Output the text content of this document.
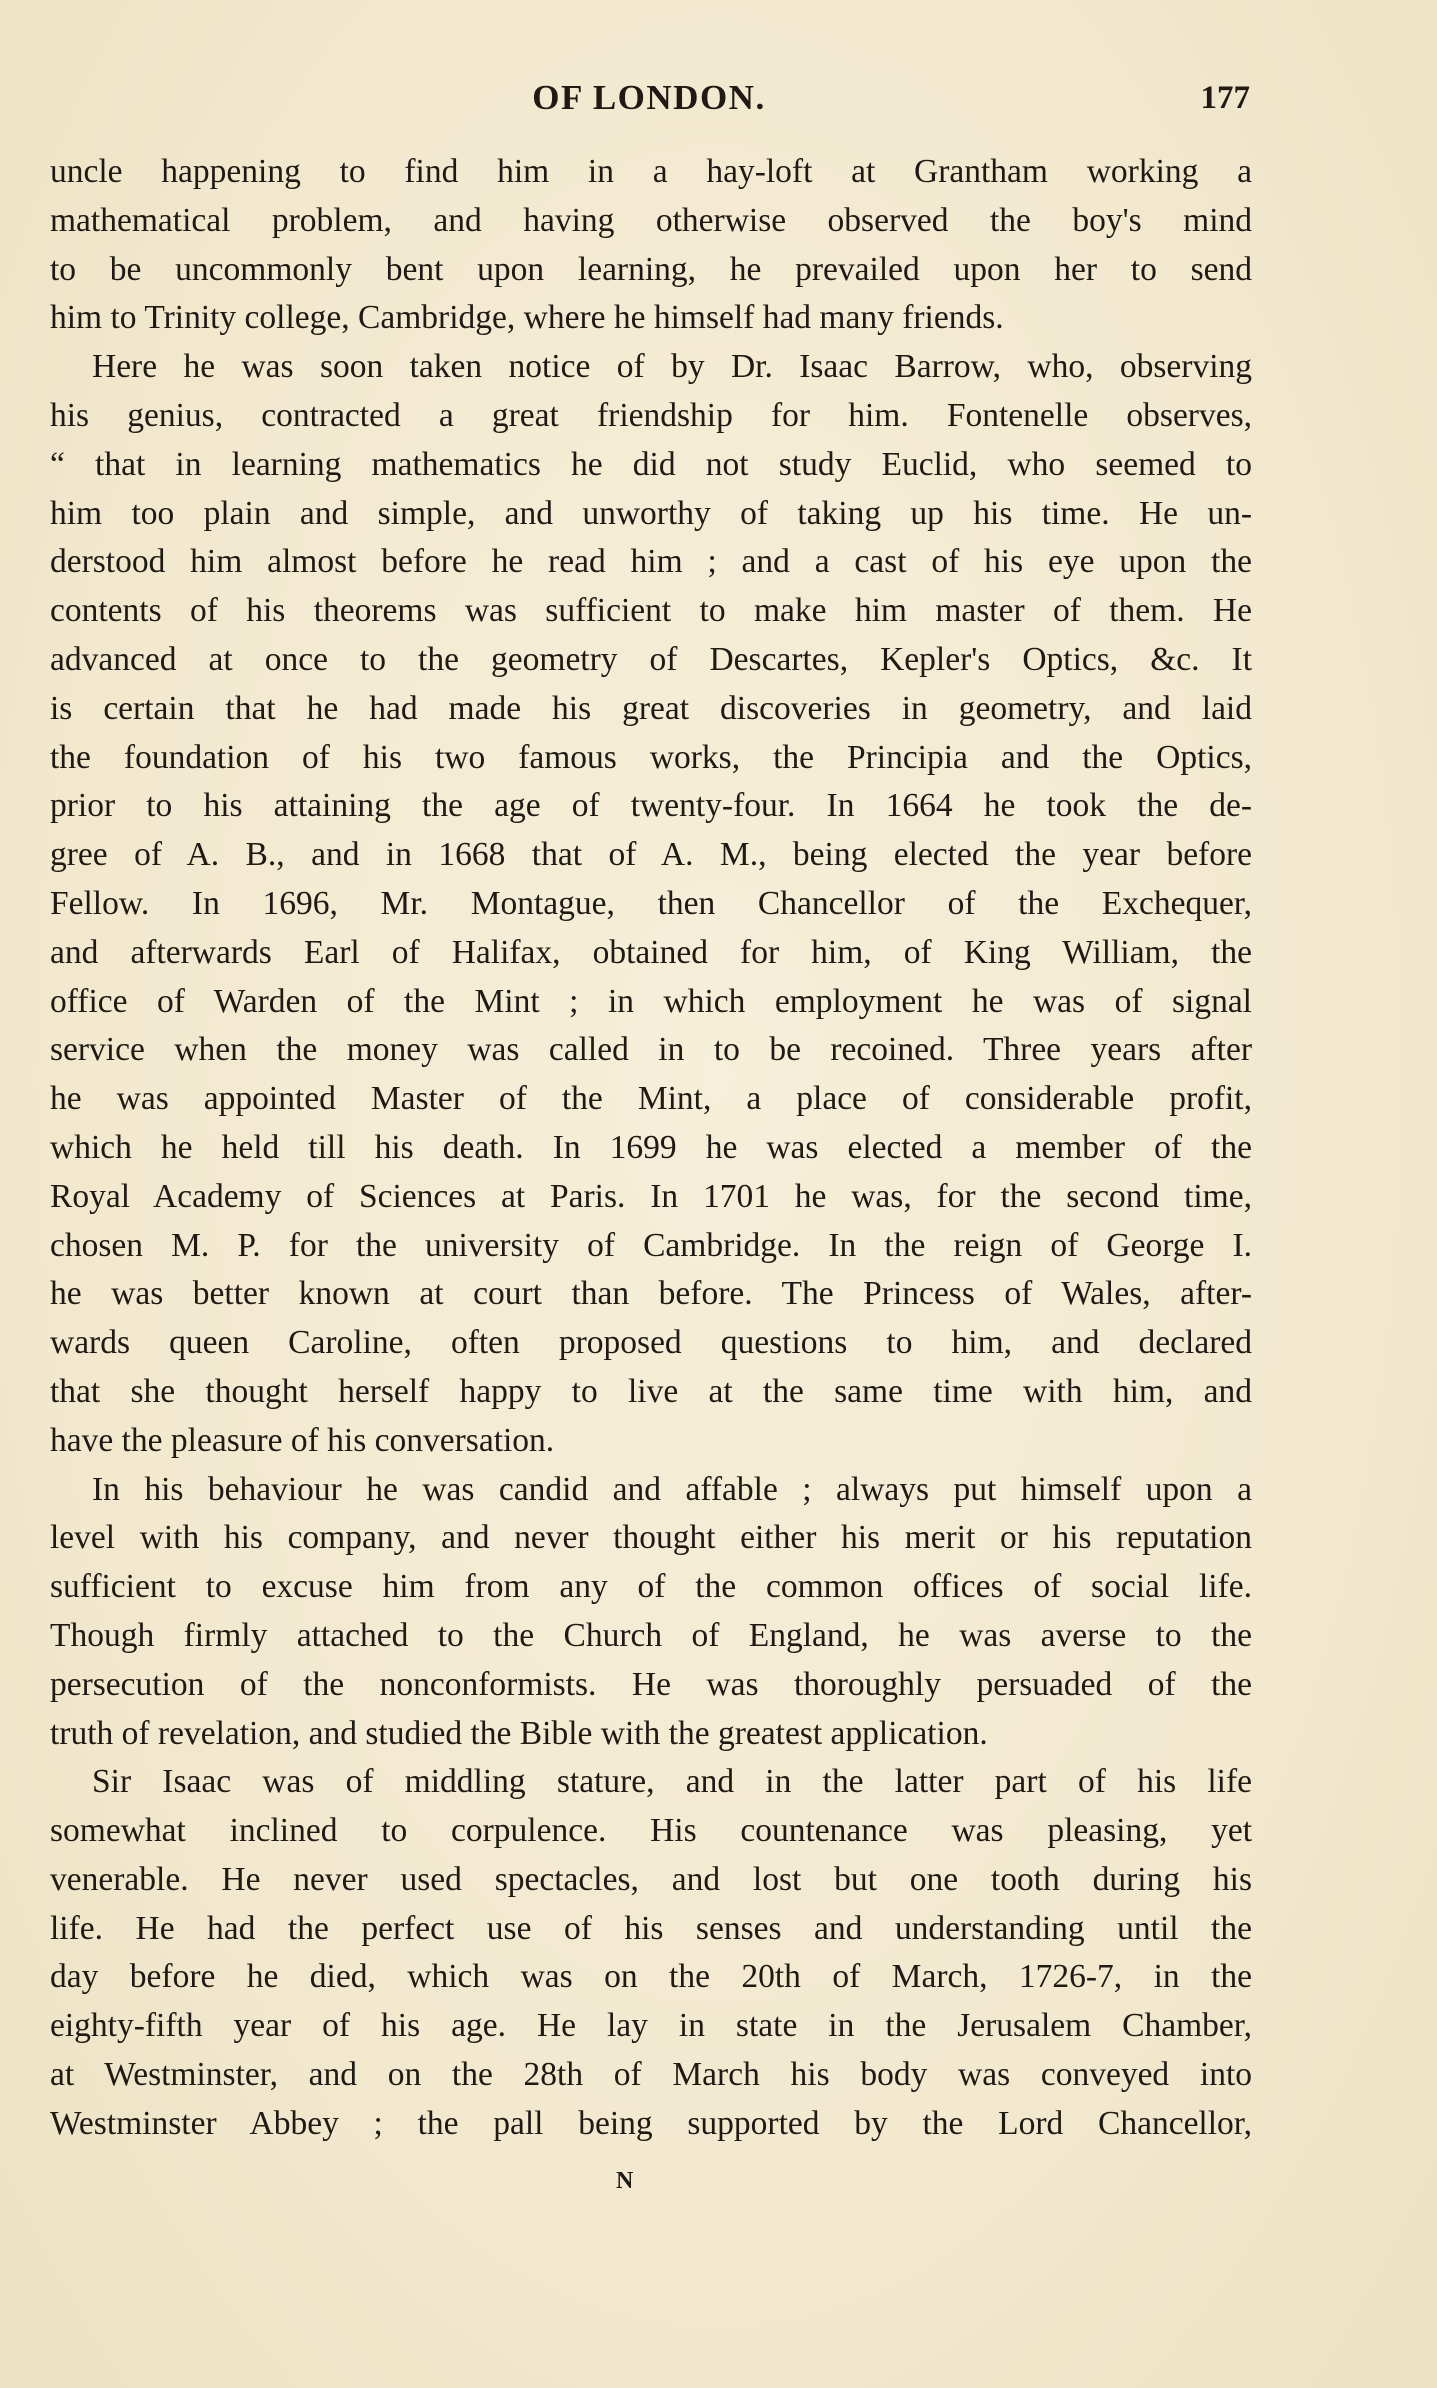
OF LONDON.	177
uncle happening to find him in a hay-loft at Grantham working a
mathematical problem, and having otherwise observed the boy's mind
to be uncommonly bent upon learning, he prevailed upon her to send
him to Trinity college, Cambridge, where he himself had many friends.
Here he was soon taken notice of by Dr. Isaac Barrow, who, observing
his genius, contracted a great friendship for him. Fontenelle observes,
“ that in learning mathematics he did not study Euclid, who seemed to
him too plain and simple, and unworthy of taking up his time. He un-
derstood him almost before he read him ; and a cast of his eye upon the
contents of his theorems was sufficient to make him master of them. He
advanced at once to the geometry of Descartes, Kepler's Optics, &c. It
is certain that he had made his great discoveries in geometry, and laid
the foundation of his two famous works, the Principia and the Optics,
prior to his attaining the age of twenty-four. In 1664 he took the de-
gree of A. B., and in 1668 that of A. M., being elected the year before
Fellow. In 1696, Mr. Montague, then Chancellor of the Exchequer,
and afterwards Earl of Halifax, obtained for him, of King William, the
office of Warden of the Mint ; in which employment he was of signal
service when the money was called in to be recoined. Three years after
he was appointed Master of the Mint, a place of considerable profit,
which he held till his death. In 1699 he was elected a member of the
Royal Academy of Sciences at Paris. In 1701 he was, for the second time,
chosen M. P. for the university of Cambridge. In the reign of George I.
he was better known at court than before. The Princess of Wales, after-
wards queen Caroline, often proposed questions to him, and declared
that she thought herself happy to live at the same time with him, and
have the pleasure of his conversation.
In his behaviour he was candid and affable ; always put himself upon a
level with his company, and never thought either his merit or his reputation
sufficient to excuse him from any of the common offices of social life.
Though firmly attached to the Church of England, he was averse to the
persecution of the nonconformists. He was thoroughly persuaded of the
truth of revelation, and studied the Bible with the greatest application.
Sir Isaac was of middling stature, and in the latter part of his life
somewhat inclined to corpulence. His countenance was pleasing, yet
venerable. He never used spectacles, and lost but one tooth during his
life. He had the perfect use of his senses and understanding until the
day before he died, which was on the 20th of March, 1726-7, in the
eighty-fifth year of his age. He lay in state in the Jerusalem Chamber,
at Westminster, and on the 28th of March his body was conveyed into
Westminster Abbey ; the pall being supported by the Lord Chancellor,
N
